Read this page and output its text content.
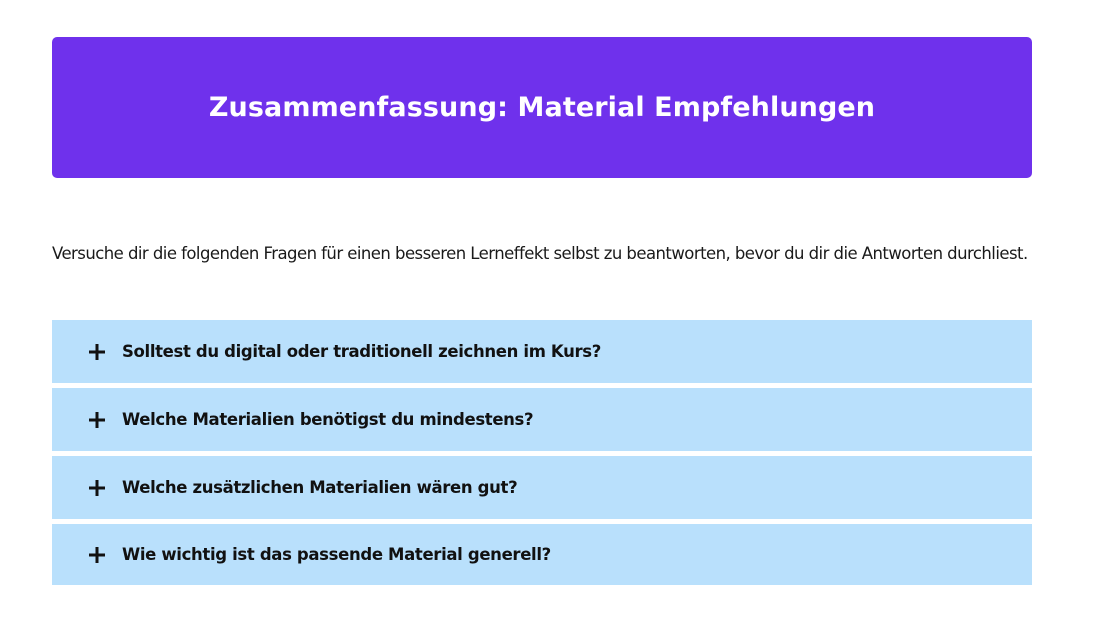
Zusammenfassung: Material Empfehlungen

Versuche dir die folgenden Fragen für einen besseren Lerneffekt selbst zu beantworten, bevor du dir die Antworten durchliest.

Solltest du digital oder traditionell zeichnen im Kurs?
Welche Materialien benötigst du mindestens?
Welche zusätzlichen Materialien wären gut?
Wie wichtig ist das passende Material generell?
